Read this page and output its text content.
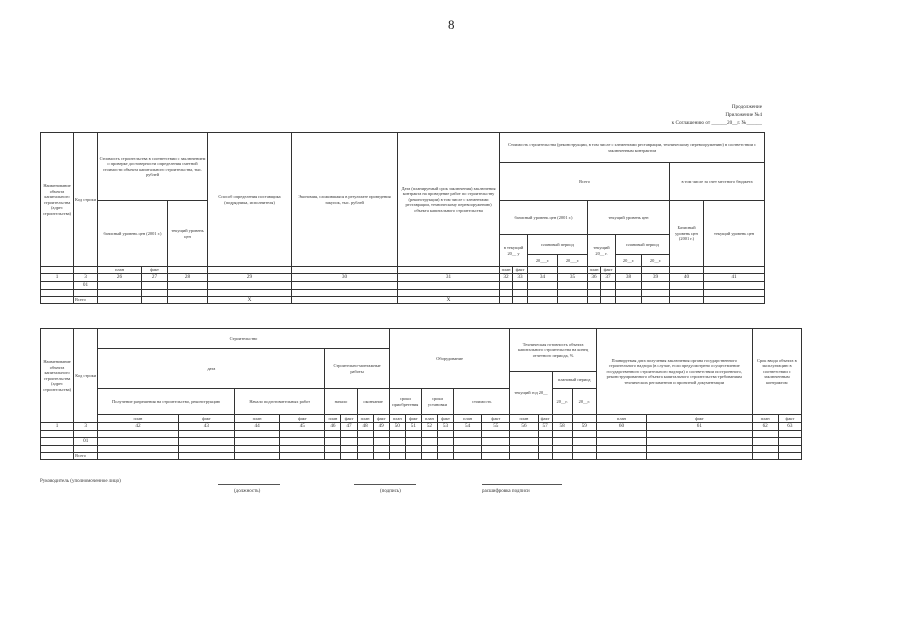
8
Продолжение
Приложение №4
к Соглашению от ______20__г. №______
Наименование объекта капитального строительства (адрес строительства)	Код строки	Стоимость строительства в соответствии с заключением о проверке достоверности определения сметной стоимости объекта капитального строительства, тыс. рублей			Способ определения поставщика (подрядчика, исполнителя)	Экономия, сложившаяся в результате проведения закупок, тыс. рублей	Дата (планируемый срок заключения) заключения контракта на проведение работ по строительству (реконструкции) в том числе с элементами реставрации, техническому перевооружению) объекта капитального строительства	Стоимость строительства (реконструкции, в том числе с элементами реставрации, техническому перевооружению) в соответствии с заключенным контрактом									
								Всего								в том числе за счет местного бюджета	
		базисный уровень цен (2001 г.)		текущий уровень цен				базисный уровень цен (2001 г.)				текущий уровень цен				Базисный уровень цен (2001 г.)	текущий уровень цен
								в текущий 20__ у		плановый период		текущий 20__ г.		плановый период			
										20___г.	20___г.			20__г.	20__г.		
		план	факт					план	факт			план	факт				
1	3	26	27	28	29	30	31	32	33	34	35	36	37	38	39	40	41
	01																

	Всего				X		X										
Наименование объекта капитального строительства (адрес строительства)	Код строки	Строительство								Оборудование						Техническая готовность объекта капитального строительства на конец отчетного периода, %				Планируемая дата получения заключения органа государственного строительного надзора (в случае, если предусмотрено осуществление государственного строительного надзора) о соответствии построенного, реконструированного объекта капитального строительства требованиям технических регламентов и проектной документации		Срок ввода объекта в эксплуатацию в соответствии с заключенным контрактом	
		дата				Строительно-монтажные работы																	
																текущий год 20__		плановый период					
		Получение разрешения на строительство, реконструкцию		Начало подготовительных работ		начало		окончание		сроки приобретения		сроки установки		стоимость				20__г.	20__г.				
		план	факт	план	факт	план	факт	план	факт	план	факт	план	факт	план	факт	план	факт			план	факт	план	факт
1	3	42	43	44	45	46	47	48	49	50	51	52	53	54	55	56	57	58	59	60	61	62	63

	01																						

	Всего																						
Руководитель (уполномоченное лицо)
(должность)	(подпись)	расшифровка подписи
